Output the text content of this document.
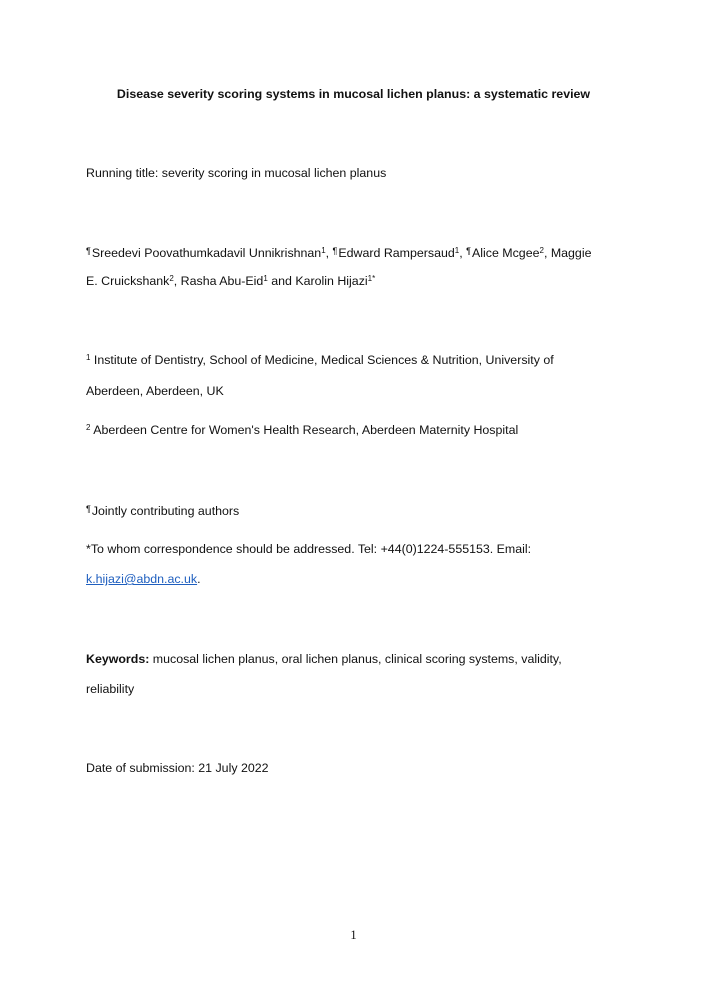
Disease severity scoring systems in mucosal lichen planus: a systematic review
Running title: severity scoring in mucosal lichen planus
¶Sreedevi Poovathumkadavil Unnikrishnan$^1$, ¶Edward Rampersaud$^1$, ¶Alice Mcgee$^2$, Maggie
E. Cruickshank$^2$, Rasha Abu-Eid$^1$ and Karolin Hijazi$^{1*}$
$^1$ Institute of Dentistry, School of Medicine, Medical Sciences & Nutrition, University of
Aberdeen, Aberdeen, UK
$^2$ Aberdeen Centre for Women's Health Research, Aberdeen Maternity Hospital
¶Jointly contributing authors
*To whom correspondence should be addressed. Tel: +44(0)1224-555153. Email:
k.hijazi@abdn.ac.uk.
Keywords: mucosal lichen planus, oral lichen planus, clinical scoring systems, validity,
reliability
Date of submission: 21 July 2022
1
